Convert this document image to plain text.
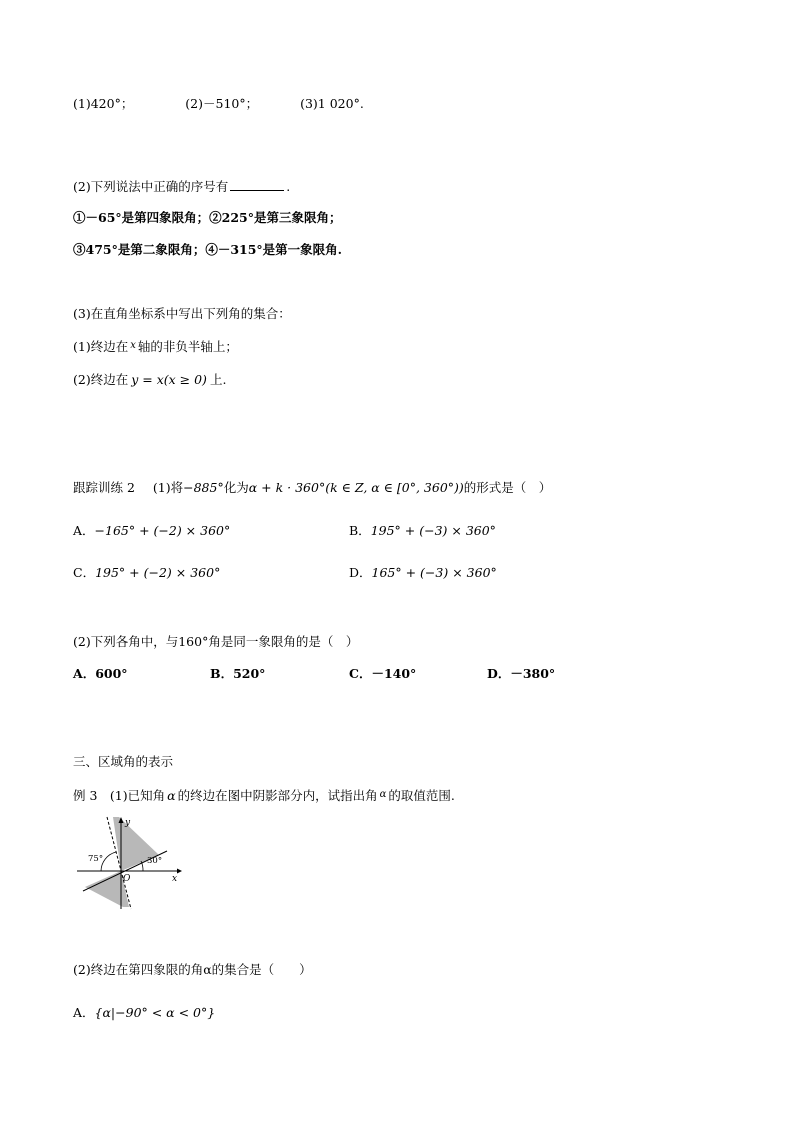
(1)420°；	(2)－510°；	(3)1 020°.
(2)下列说法中正确的序号有	.
①－65°是第四象限角；②225°是第三象限角；
③475°是第二象限角；④－315°是第一象限角.
(3)在直角坐标系中写出下列角的集合：
(1)终边在 $^x$ 轴的非负半轴上；
(2)终边在 y = x(x ≥ 0) 上.
跟踪训练 2 (1)将−885°化为α + k · 360°(k ∈ Z, α ∈ [0°, 360°))的形式是（　）
A．−165° + (−2) × 360°	B．195° + (−3) × 360°
C．195° + (−2) × 360°	D．165° + (−3) × 360°
(2)下列各角中，与160°角是同一象限角的是（　）
A．600°	B．520°	C．－140°	D．－380°
三、区域角的表示
例 3　(1)已知角 α 的终边在图中阴影部分内，试指出角 $^\alpha$ 的取值范围.
y
x
O
75°	30°
(2)终边在第四象限的角α的集合是（　　）
A．{α|−90° < α < 0°}
